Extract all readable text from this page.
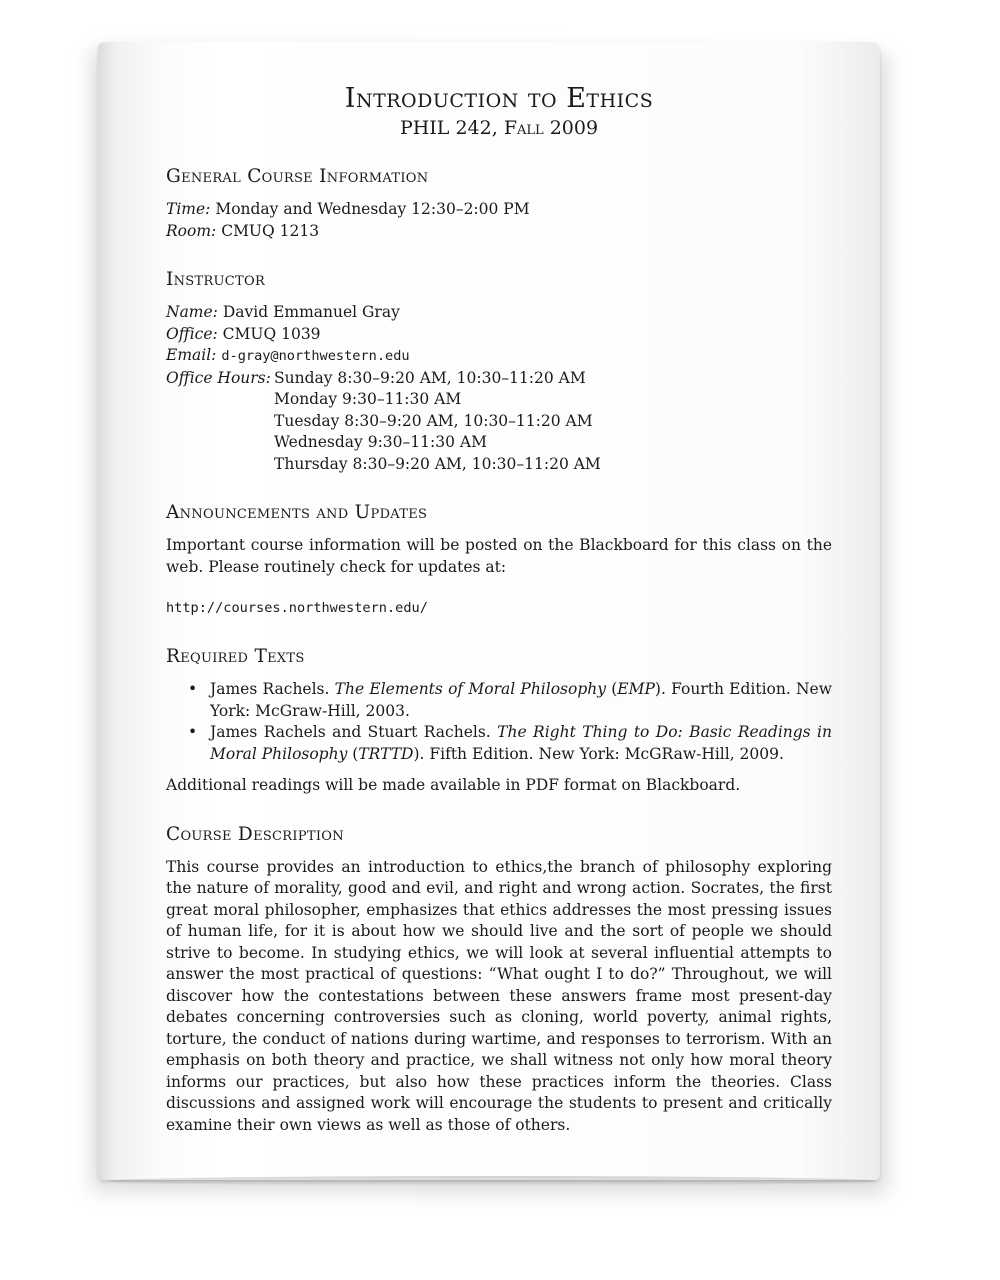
Introduction to Ethics
PHIL 242, Fall 2009
General Course Information
Time: Monday and Wednesday 12:30–2:00 PM
Room: CMUQ 1213
Instructor
Name: David Emmanuel Gray
Office: CMUQ 1039
Email: d-gray@northwestern.edu
Office Hours: Sunday 8:30–9:20 AM, 10:30–11:20 AM
Monday 9:30–11:30 AM
Tuesday 8:30–9:20 AM, 10:30–11:20 AM
Wednesday 9:30–11:30 AM
Thursday 8:30–9:20 AM, 10:30–11:20 AM
Announcements and Updates
Important course information will be posted on the Blackboard for this class on the web. Please routinely check for updates at:
http://courses.northwestern.edu/
Required Texts
• James Rachels. The Elements of Moral Philosophy (EMP). Fourth Edition. New York: McGraw-Hill, 2003.
• James Rachels and Stuart Rachels. The Right Thing to Do: Basic Readings in Moral Philosophy (TRTTD). Fifth Edition. New York: McGRaw-Hill, 2009.
Additional readings will be made available in PDF format on Blackboard.
Course Description
This course provides an introduction to ethics,the branch of philosophy exploring the nature of morality, good and evil, and right and wrong action. Socrates, the first great moral philosopher, emphasizes that ethics addresses the most pressing issues of human life, for it is about how we should live and the sort of people we should strive to become. In studying ethics, we will look at several influential attempts to answer the most practical of questions: “What ought I to do?” Throughout, we will discover how the contestations between these answers frame most present-day debates concerning controversies such as cloning, world poverty, animal rights, torture, the conduct of nations during wartime, and responses to terrorism. With an emphasis on both theory and practice, we shall witness not only how moral theory informs our practices, but also how these practices inform the theories. Class discussions and assigned work will encourage the students to present and critically examine their own views as well as those of others.
